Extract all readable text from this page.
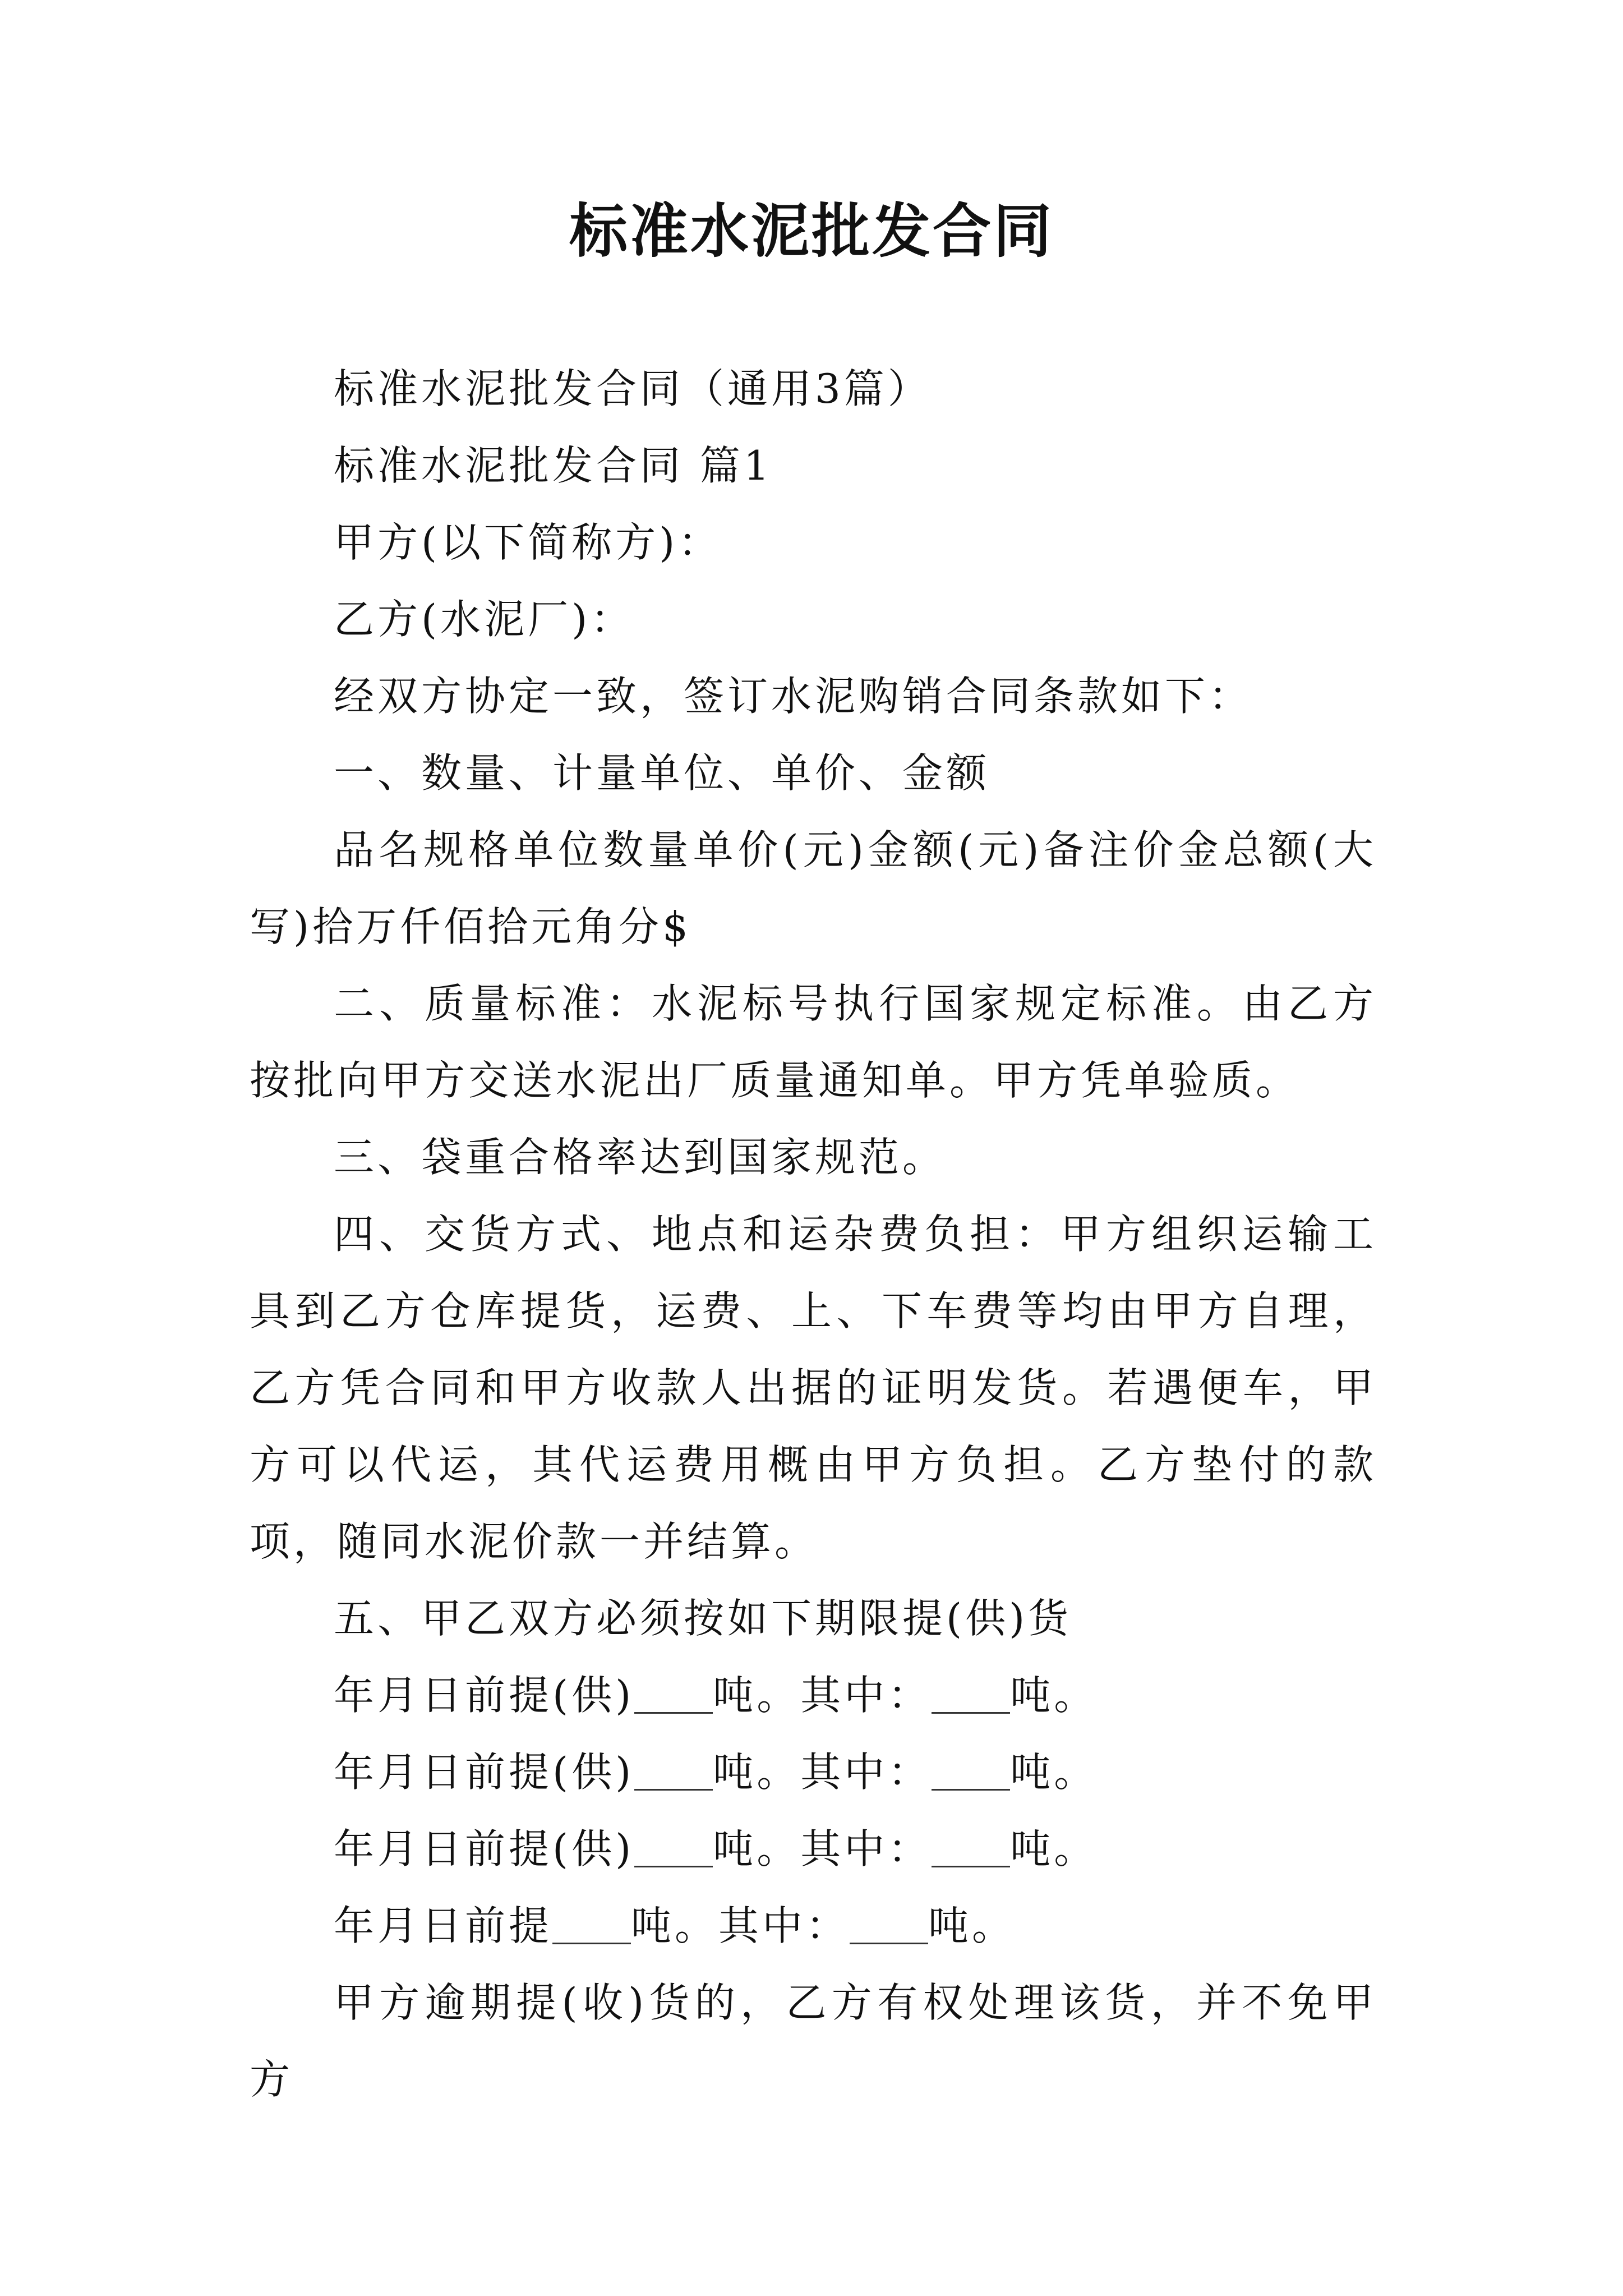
标准水泥批发合同

标准水泥批发合同（通用3篇）

标准水泥批发合同 篇1

甲方(以下简称方)：

乙方(水泥厂)：

经双方协定一致，签订水泥购销合同条款如下：

一、数量、计量单位、单价、金额

品名规格单位数量单价(元)金额(元)备注价金总额(大写)拾万仟佰拾元角分$

二、质量标准：水泥标号执行国家规定标准。由乙方按批向甲方交送水泥出厂质量通知单。甲方凭单验质。

三、袋重合格率达到国家规范。

四、交货方式、地点和运杂费负担：甲方组织运输工具到乙方仓库提货，运费、上、下车费等均由甲方自理，乙方凭合同和甲方收款人出据的证明发货。若遇便车，甲方可以代运，其代运费用概由甲方负担。乙方垫付的款项，随同水泥价款一并结算。

五、甲乙双方必须按如下期限提(供)货

年月日前提(供) 吨。其中： 吨。

年月日前提(供) 吨。其中： 吨。

年月日前提(供) 吨。其中： 吨。

年月日前提 吨。其中： 吨。

甲方逾期提(收)货的，乙方有权处理该货，并不免甲方
